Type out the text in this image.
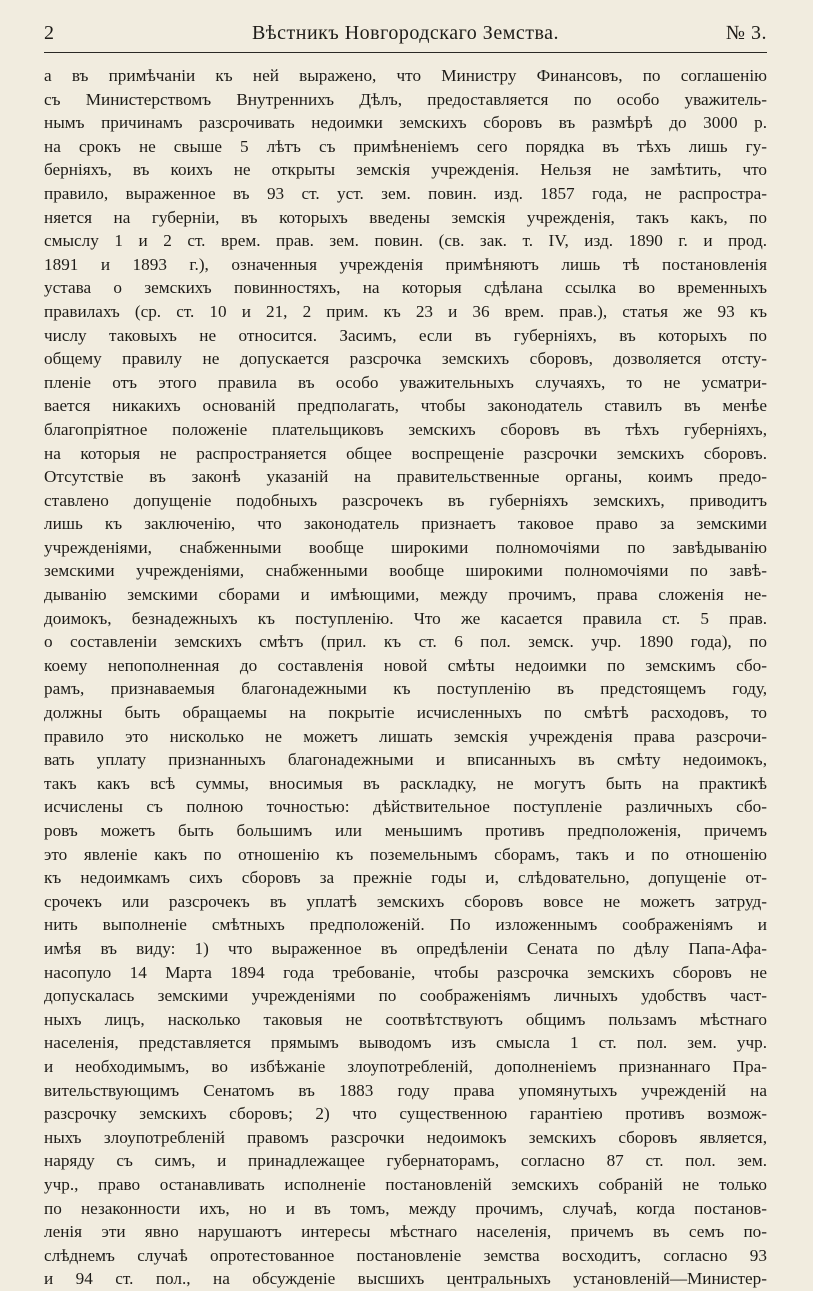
2	Вѣстникъ Новгородскаго Земства.	№ 3.
а въ примѣчаніи къ ней выражено, что Министру Финансовъ, по соглашенію
съ Министерствомъ Внутреннихъ Дѣлъ, предоставляется по особо уважитель-
нымъ причинамъ разсрочивать недоимки земскихъ сборовъ въ размѣрѣ до 3000 р.
на срокъ не свыше 5 лѣтъ съ примѣненіемъ сего порядка въ тѣхъ лишь гу-
берніяхъ, въ коихъ не открыты земскія учрежденія. Нельзя не замѣтить, что
правило, выраженное въ 93 ст. уст. зем. повин. изд. 1857 года, не распростра-
няется на губерніи, въ которыхъ введены земскія учрежденія, такъ какъ, по
смыслу 1 и 2 ст. врем. прав. зем. повин. (св. зак. т. IV, изд. 1890 г. и прод.
1891 и 1893 г.), означенныя учрежденія примѣняютъ лишь тѣ постановленія
устава о земскихъ повинностяхъ, на которыя сдѣлана ссылка во временныхъ
правилахъ (ср. ст. 10 и 21, 2 прим. къ 23 и 36 врем. прав.), статья же 93 къ
числу таковыхъ не относится. Засимъ, если въ губерніяхъ, въ которыхъ по
общему правилу не допускается разсрочка земскихъ сборовъ, дозволяется отсту-
пленіе отъ этого правила въ особо уважительныхъ случаяхъ, то не усматри-
вается никакихъ основаній предполагать, чтобы законодатель ставилъ въ менѣе
благопріятное положеніе плательщиковъ земскихъ сборовъ въ тѣхъ губерніяхъ,
на которыя не распространяется общее воспрещеніе разсрочки земскихъ сборовъ.
Отсутствіе въ законѣ указаній на правительственные органы, коимъ предо-
ставлено допущеніе подобныхъ разсрочекъ въ губерніяхъ земскихъ, приводитъ
лишь къ заключенію, что законодатель признаетъ таковое право за земскими
учрежденіями, снабженными вообще широкими полномочіями по завѣдыванію
земскими учрежденіями, снабженными вообще широкими полномочіями по завѣ-
дыванію земскими сборами и имѣющими, между прочимъ, права сложенія не-
доимокъ, безнадежныхъ къ поступленію. Что же касается правила ст. 5 прав.
о составленіи земскихъ смѣтъ (прил. къ ст. 6 пол. земск. учр. 1890 года), по
коему непополненная до составленія новой смѣты недоимки по земскимъ сбо-
рамъ, признаваемыя благонадежными къ поступленію въ предстоящемъ году,
должны быть обращаемы на покрытіе исчисленныхъ по смѣтѣ расходовъ, то
правило это нисколько не можетъ лишать земскія учрежденія права разсрочи-
вать уплату признанныхъ благонадежными и вписанныхъ въ смѣту недоимокъ,
такъ какъ всѣ суммы, вносимыя въ раскладку, не могутъ быть на практикѣ
исчислены съ полною точностью: дѣйствительное поступленіе различныхъ сбо-
ровъ можетъ быть большимъ или меньшимъ противъ предположенія, причемъ
это явленіе какъ по отношенію къ поземельнымъ сборамъ, такъ и по отношенію
къ недоимкамъ сихъ сборовъ за прежніе годы и, слѣдовательно, допущеніе от-
срочекъ или разсрочекъ въ уплатѣ земскихъ сборовъ вовсе не можетъ затруд-
нить выполненіе смѣтныхъ предположеній. По изложеннымъ соображеніямъ и
имѣя въ виду: 1) что выраженное въ опредѣленіи Сената по дѣлу Папа-Афа-
насопуло 14 Марта 1894 года требованіе, чтобы разсрочка земскихъ сборовъ не
допускалась земскими учрежденіями по соображеніямъ личныхъ удобствъ част-
ныхъ лицъ, насколько таковыя не соотвѣтствуютъ общимъ пользамъ мѣстнаго
населенія, представляется прямымъ выводомъ изъ смысла 1 ст. пол. зем. учр.
и необходимымъ, во избѣжаніе злоупотребленій, дополненіемъ признаннаго Пра-
вительствующимъ Сенатомъ въ 1883 году права упомянутыхъ учрежденій на
разсрочку земскихъ сборовъ; 2) что существенною гарантіею противъ возмож-
ныхъ злоупотребленій правомъ разсрочки недоимокъ земскихъ сборовъ является,
наряду съ симъ, и принадлежащее губернаторамъ, согласно 87 ст. пол. зем.
учр., право останавливать исполненіе постановленій земскихъ собраній не только
по незаконности ихъ, но и въ томъ, между прочимъ, случаѣ, когда постанов-
ленія эти явно нарушаютъ интересы мѣстнаго населенія, причемъ въ семъ по-
слѣднемъ случаѣ опротестованное постановленіе земства восходитъ, согласно 93
и 94 ст. пол., на обсужденіе высшихъ центральныхъ установленій—Министер-
